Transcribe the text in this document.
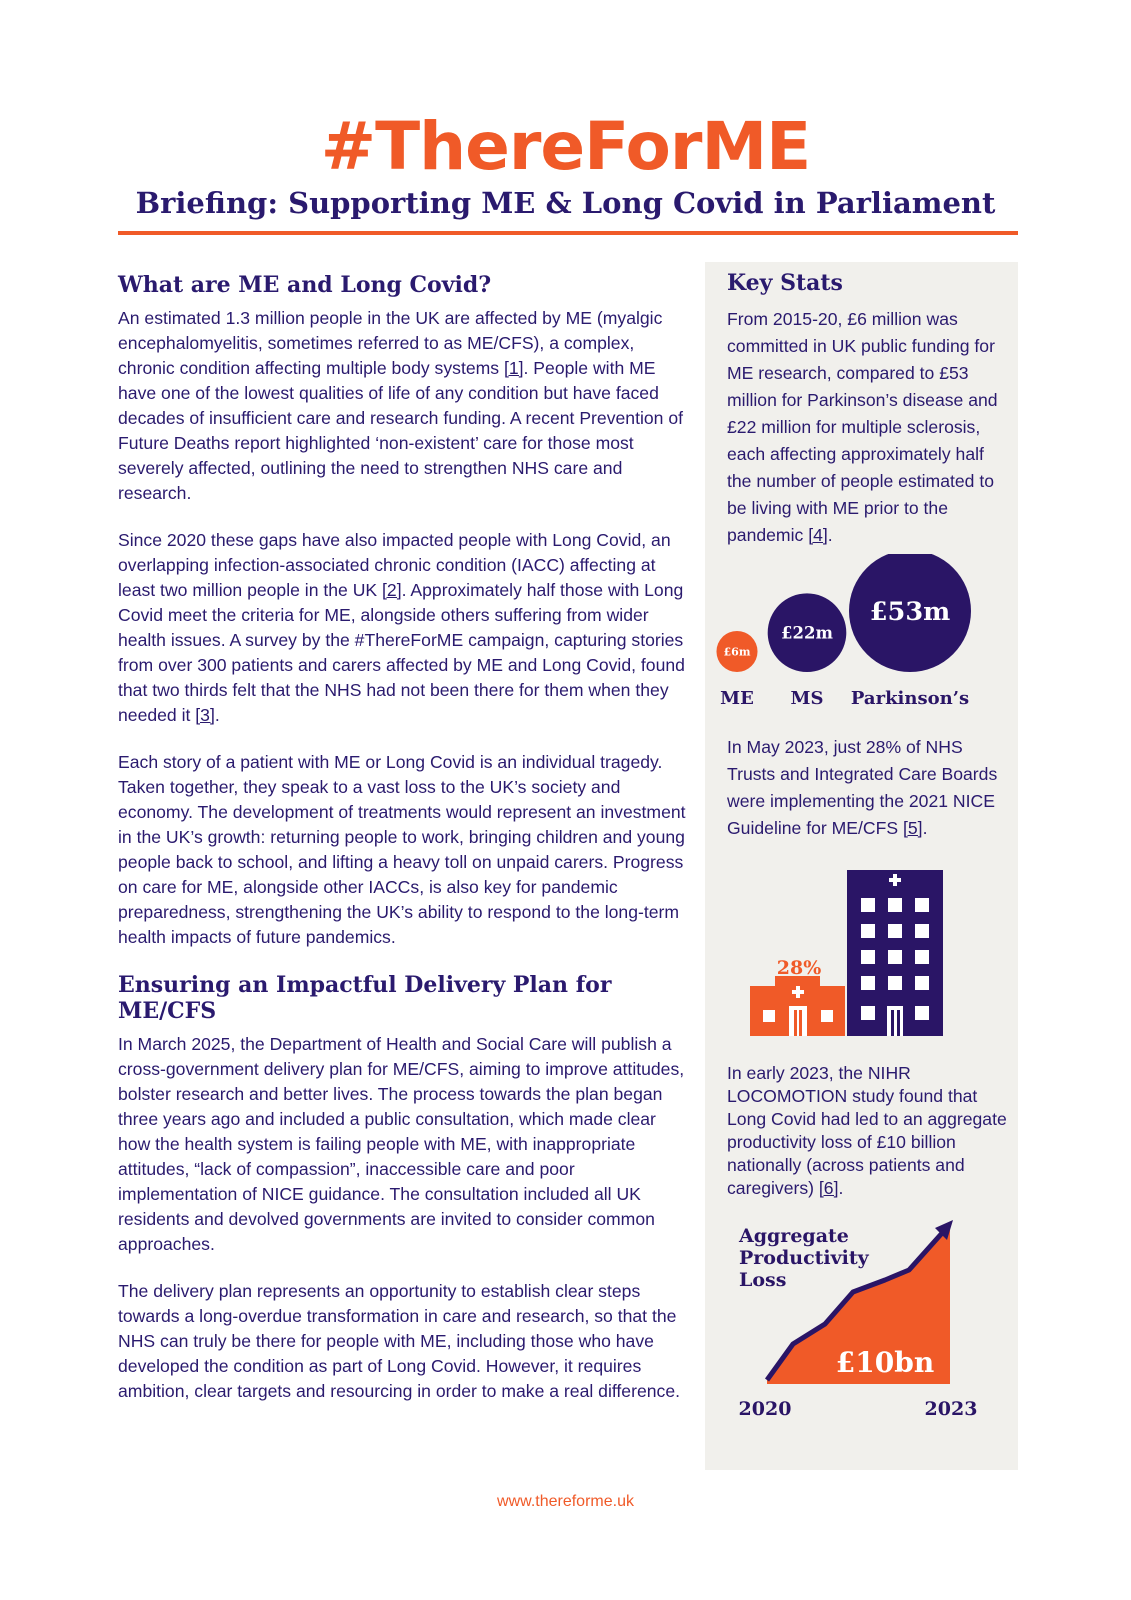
#ThereForME
Briefing: Supporting ME & Long Covid in Parliament
What are ME and Long Covid?

An estimated 1.3 million people in the UK are affected by ME (myalgic encephalomyelitis, sometimes referred to as ME/CFS), a complex, chronic condition affecting multiple body systems [1]. People with ME have one of the lowest qualities of life of any condition but have faced decades of insufficient care and research funding. A recent Prevention of Future Deaths report highlighted ‘non-existent’ care for those most severely affected, outlining the need to strengthen NHS care and research.

Since 2020 these gaps have also impacted people with Long Covid, an overlapping infection-associated chronic condition (IACC) affecting at least two million people in the UK [2]. Approximately half those with Long Covid meet the criteria for ME, alongside others suffering from wider health issues. A survey by the #ThereForME campaign, capturing stories from over 300 patients and carers affected by ME and Long Covid, found that two thirds felt that the NHS had not been there for them when they needed it [3].

Each story of a patient with ME or Long Covid is an individual tragedy. Taken together, they speak to a vast loss to the UK’s society and economy. The development of treatments would represent an investment in the UK’s growth: returning people to work, bringing children and young people back to school, and lifting a heavy toll on unpaid carers. Progress on care for ME, alongside other IACCs, is also key for pandemic preparedness, strengthening the UK’s ability to respond to the long-term health impacts of future pandemics.

Ensuring an Impactful Delivery Plan for ME/CFS

In March 2025, the Department of Health and Social Care will publish a cross-government delivery plan for ME/CFS, aiming to improve attitudes, bolster research and better lives. The process towards the plan began three years ago and included a public consultation, which made clear how the health system is failing people with ME, with inappropriate attitudes, “lack of compassion”, inaccessible care and poor implementation of NICE guidance. The consultation included all UK residents and devolved governments are invited to consider common approaches.

The delivery plan represents an opportunity to establish clear steps towards a long-overdue transformation in care and research, so that the NHS can truly be there for people with ME, including those who have developed the condition as part of Long Covid. However, it requires ambition, clear targets and resourcing in order to make a real difference.

Key Stats
From 2015-20, £6 million was committed in UK public funding for ME research, compared to £53 million for Parkinson’s disease and £22 million for multiple sclerosis, each affecting approximately half the number of people estimated to be living with ME prior to the pandemic [4].
£6m
ME
£22m
MS
£53m
Parkinson’s
In May 2023, just 28% of NHS Trusts and Integrated Care Boards were implementing the 2021 NICE Guideline for ME/CFS [5].
28%
In early 2023, the NIHR LOCOMOTION study found that Long Covid had led to an aggregate productivity loss of £10 billion nationally (across patients and caregivers) [6].
Aggregate
Productivity
Loss
£10bn
2020	2023
www.thereforme.uk
